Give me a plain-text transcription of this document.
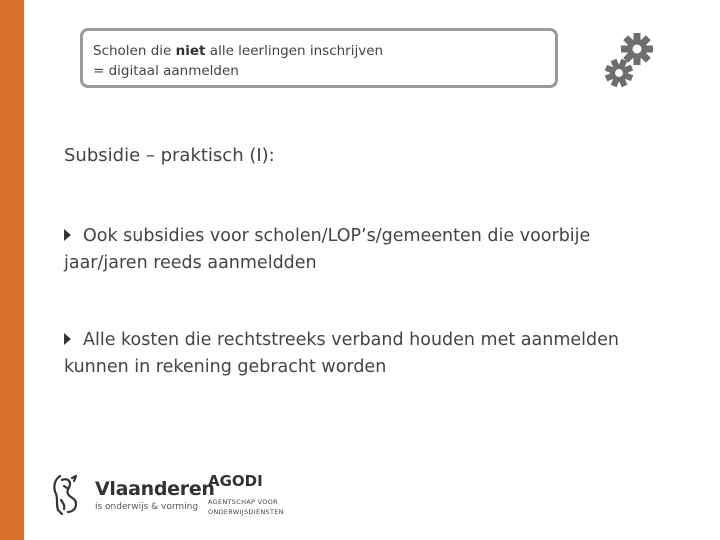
Scholen die niet alle leerlingen inschrijven
= digitaal aanmelden
Subsidie – praktisch (I):
Ook subsidies voor scholen/LOP’s/gemeenten die voorbije jaar/jaren reeds aanmeldden
Alle kosten die rechtstreeks verband houden met aanmelden kunnen in rekening gebracht worden
Vlaanderen
is onderwijs & vorming
AGODI
AGENTSCHAP VOOR
ONDERWIJSDIENSTEN
